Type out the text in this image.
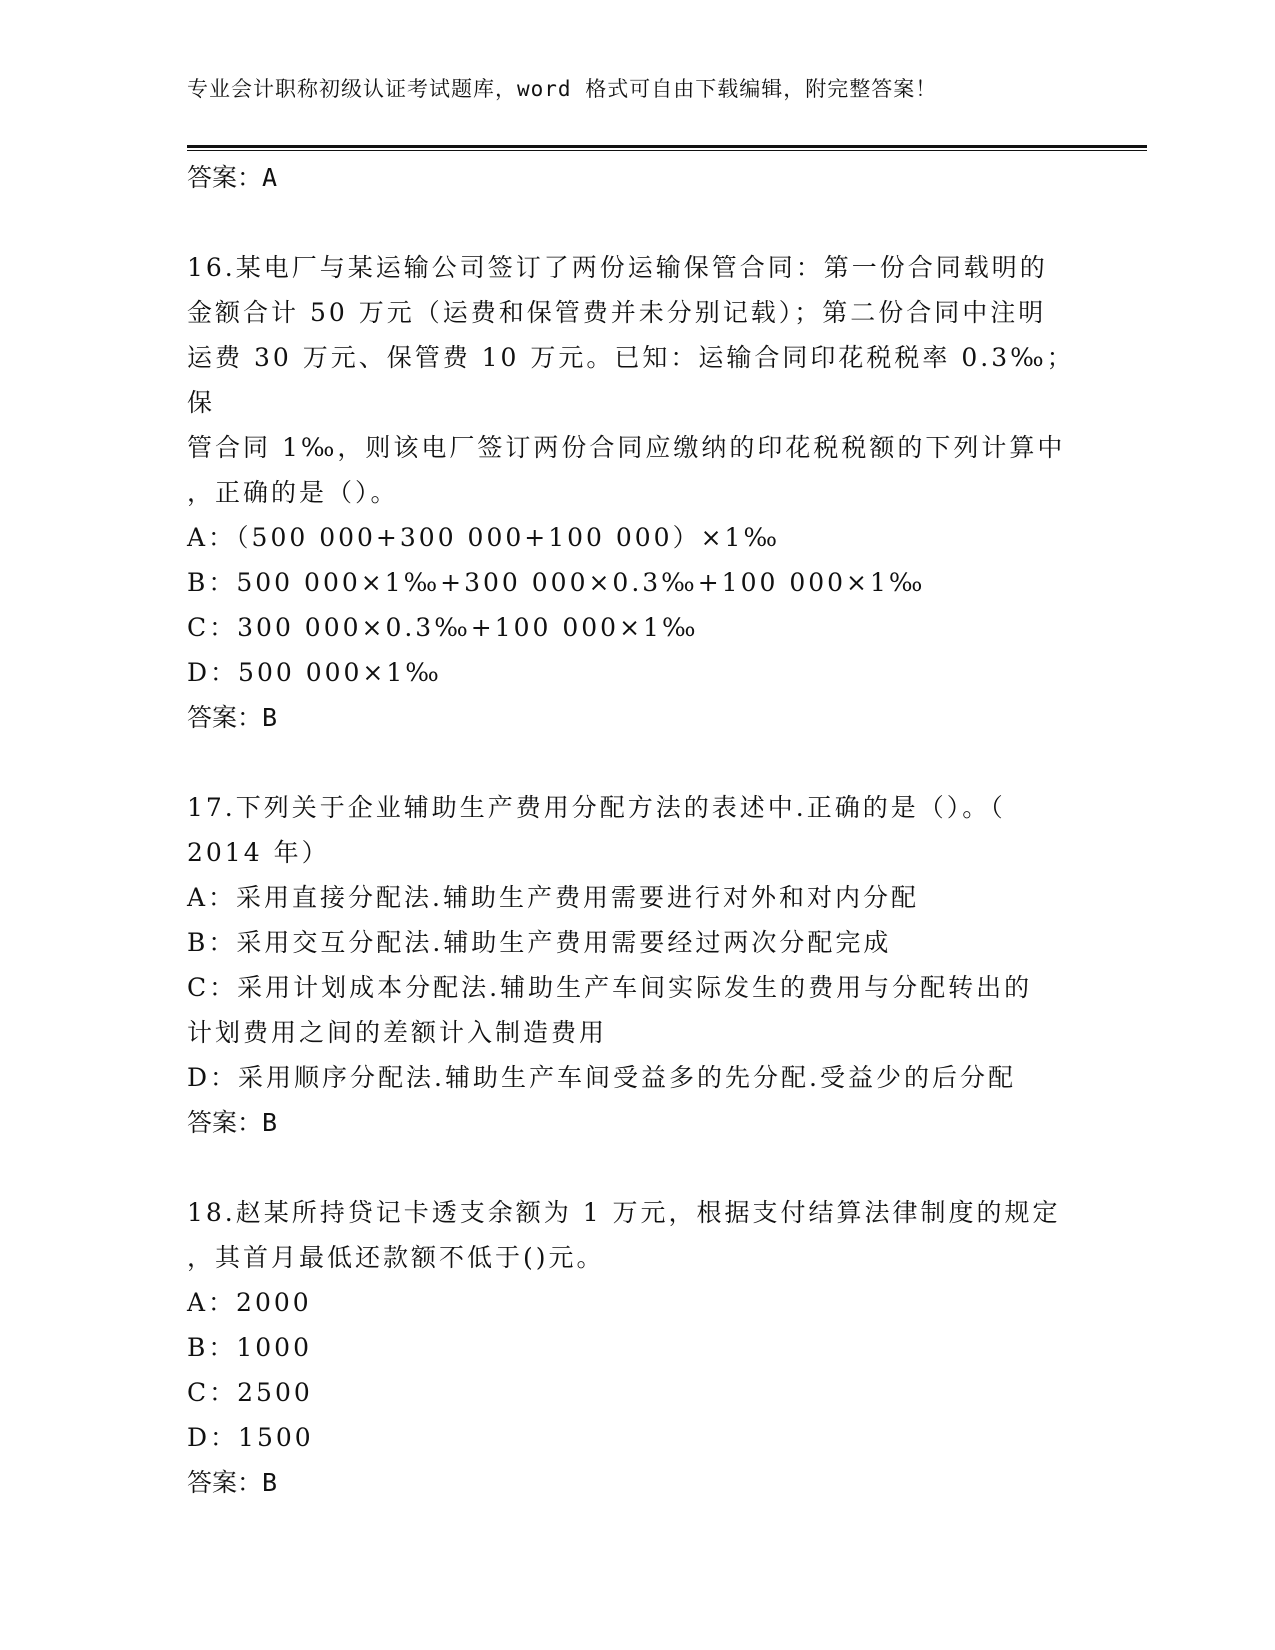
专业会计职称初级认证考试题库，word 格式可自由下载编辑，附完整答案！
答案：A
16.某电厂与某运输公司签订了两份运输保管合同：第一份合同载明的
金额合计 50 万元（运费和保管费并未分别记载）；第二份合同中注明
运费 30 万元、保管费 10 万元。已知：运输合同印花税税率 0.3‰；保
管合同 1‰，则该电厂签订两份合同应缴纳的印花税税额的下列计算中
，正确的是（）。
A：（500 000+300 000+100 000）×1‰
B：500 000×1‰+300 000×0.3‰+100 000×1‰
C：300 000×0.3‰+100 000×1‰
D：500 000×1‰
答案：B
17.下列关于企业辅助生产费用分配方法的表述中.正确的是（）。（
2014 年）
A：采用直接分配法.辅助生产费用需要进行对外和对内分配
B：采用交互分配法.辅助生产费用需要经过两次分配完成
C：采用计划成本分配法.辅助生产车间实际发生的费用与分配转出的
计划费用之间的差额计入制造费用
D：采用顺序分配法.辅助生产车间受益多的先分配.受益少的后分配
答案：B
18.赵某所持贷记卡透支余额为 1 万元，根据支付结算法律制度的规定
，其首月最低还款额不低于()元。
A：2000
B：1000
C：2500
D：1500
答案：B
